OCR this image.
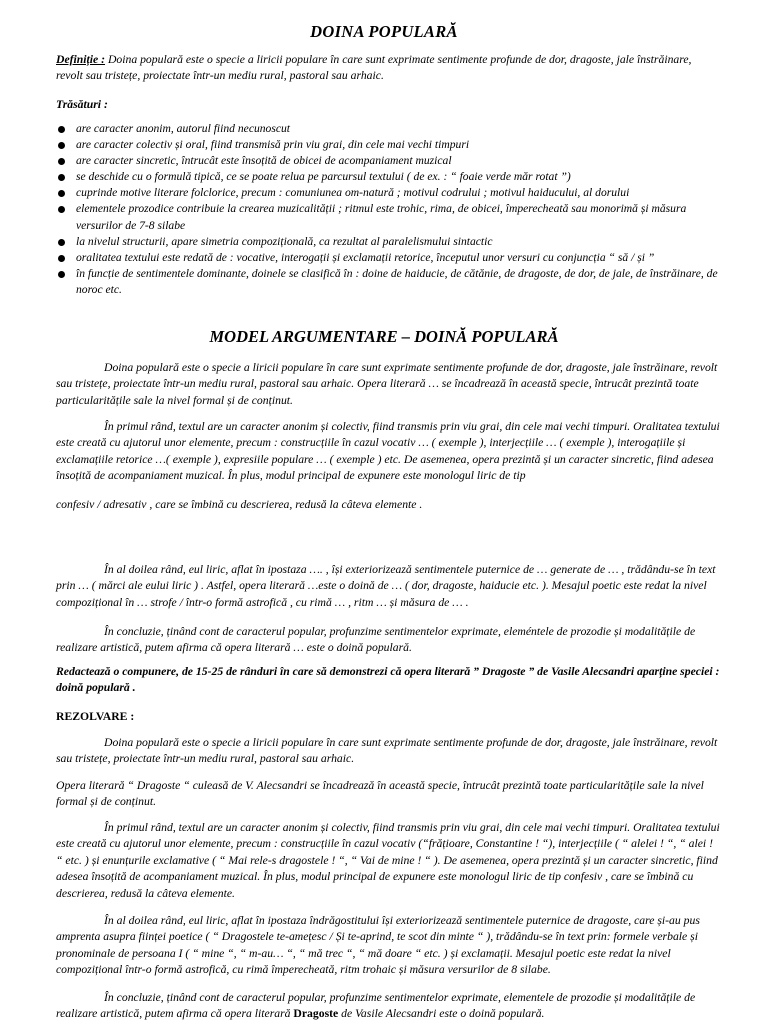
DOINA POPULARĂ
Definiție : Doina populară este o specie a liricii populare în care sunt exprimate sentimente profunde de dor, dragoste, jale înstrăinare, revolt sau tristețe, proiectate într-un mediu rural, pastoral sau arhaic.
Trăsături :
are caracter anonim, autorul fiind necunoscut
are caracter colectiv și oral, fiind transmisă prin viu grai, din cele mai vechi timpuri
are caracter sincretic, întrucât este însoțită de obicei de acompaniament muzical
se deschide cu o formulă tipică, ce se poate relua pe parcursul textului ( de ex. : “ foaie verde măr rotat ”)
cuprinde motive literare folclorice, precum : comuniunea om-natură ; motivul codrului ; motivul haiducului, al dorului
elementele prozodice contribuie la crearea muzicalității ; ritmul este trohic, rima, de obicei, împerecheată sau monorimă și măsura versurilor de 7-8 silabe
la nivelul structurii, apare simetria compozițională, ca rezultat al paralelismului sintactic
oralitatea textului este redată de : vocative, interogații și exclamații retorice, începutul unor versuri cu conjuncția “ să / și ”
în funcție de sentimentele dominante, doinele se clasifică în : doine de haiducie, de cătănie, de dragoste, de dor, de jale, de înstrăinare, de noroc etc.
MODEL ARGUMENTARE – DOINĂ POPULARĂ
Doina populară este o specie a liricii populare în care sunt exprimate sentimente profunde de dor, dragoste, jale înstrăinare, revolt sau tristețe, proiectate într-un mediu rural, pastoral sau arhaic. Opera literară … se încadrează în această specie, întrucât prezintă toate particularitățile sale la nivel formal și de conținut.
În primul rând, textul are un caracter anonim și colectiv, fiind transmis prin viu grai, din cele mai vechi timpuri. Oralitatea textului este creată cu ajutorul unor elemente, precum : construcțiile în cazul vocativ … ( exemple ), interjecțiile … ( exemple ), interogațiile și exclamațiile retorice …( exemple ), expresiile populare … ( exemple ) etc. De asemenea, opera prezintă și un caracter sincretic, fiind adesea însoțită de acompaniament muzical. În plus, modul principal de expunere este monologul liric de tip
confesiv / adresativ , care se îmbină cu descrierea, redusă la câteva elemente .
În al doilea rând, eul liric, aflat în ipostaza …. , își exteriorizează sentimentele puternice de … generate de … , trădându-se în text prin … ( mărci ale eului liric ) . Astfel, opera literară …este o doină de … ( dor, dragoste, haiducie etc. ). Mesajul poetic este redat la nivel compozițional în … strofe / într-o formă astrofică , cu rimă … , ritm … și măsura de … .
În concluzie, ținând cont de caracterul popular, profunzime sentimentelor exprimate, eleméntele de prozodie și modalitățile de realizare artistică, putem afirma că opera literară … este o doină populară.
Redactează o compunere, de 15-25 de rânduri în care să demonstrezi că opera literară ” Dragoste ” de Vasile Alecsandri aparține speciei : doină populară .
REZOLVARE :
Doina populară este o specie a liricii populare în care sunt exprimate sentimente profunde de dor, dragoste, jale înstrăinare, revolt sau tristețe, proiectate într-un mediu rural, pastoral sau arhaic.
Opera literară “ Dragoste “ culeasă de V. Alecsandri se încadrează în această specie, întrucât prezintă toate particularitățile sale la nivel formal și de conținut.
În primul rând, textul are un caracter anonim și colectiv, fiind transmis prin viu grai, din cele mai vechi timpuri. Oralitatea textului este creată cu ajutorul unor elemente, precum : construcțiile în cazul vocativ (“frățioare, Constantine ! “), interjecțiile ( “ alelei ! “, “ alei ! “ etc. ) și enunțurile exclamative ( “ Mai rele-s dragostele ! “, “ Vai de mine ! “ ). De asemenea, opera prezintă și un caracter sincretic, fiind adesea însoțită de acompaniament muzical. În plus, modul principal de expunere este monologul liric de tip confesiv , care se îmbină cu descrierea, redusă la câteva elemente.
În al doilea rând, eul liric, aflat în ipostaza îndrăgostitului își exteriorizează sentimentele puternice de dragoste, care și-au pus amprenta asupra ființei poetice ( “ Dragostele te-amețesc / Și te-aprind, te scot din minte “ ), trădându-se în text prin: formele verbale și pronominale de persoana I ( “ mine “, “ m-au… “, “ mă trec “, “ mă doare “ etc. ) și exclamații. Mesajul poetic este redat la nivel compozițional într-o formă astrofică, cu rimă împerecheată, ritm trohaic și măsura versurilor de 8 silabe.
În concluzie, ținând cont de caracterul popular, profunzime sentimentelor exprimate, elementele de prozodie și modalitățile de realizare artistică, putem afirma că opera literară Dragoste de Vasile Alecsandri este o doină populară.
